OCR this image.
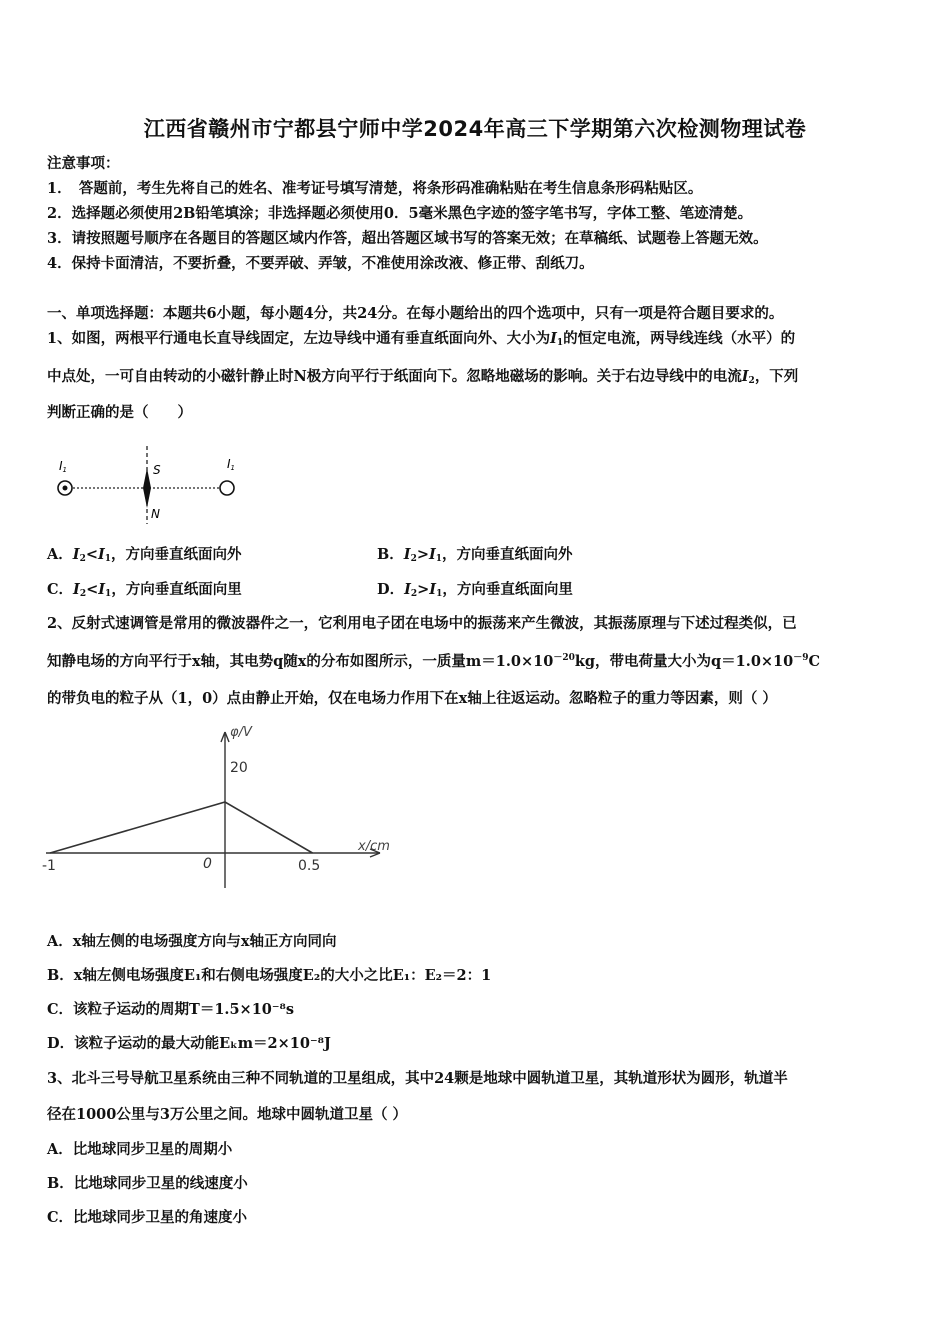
江西省赣州市宁都县宁师中学2024年高三下学期第六次检测物理试卷
注意事项：
1．　答题前，考生先将自己的姓名、准考证号填写清楚，将条形码准确粘贴在考生信息条形码粘贴区。
2．选择题必须使用2B铅笔填涂；非选择题必须使用0．5毫米黑色字迹的签字笔书写，字体工整、笔迹清楚。
3．请按照题号顺序在各题目的答题区域内作答，超出答题区域书写的答案无效；在草稿纸、试题卷上答题无效。
4．保持卡面清洁，不要折叠，不要弄破、弄皱，不准使用涂改液、修正带、刮纸刀。
一、单项选择题：本题共6小题，每小题4分，共24分。在每小题给出的四个选项中，只有一项是符合题目要求的。
1、如图，两根平行通电长直导线固定，左边导线中通有垂直纸面向外、大小为$I_1$的恒定电流，两导线连线（水平）的
中点处，一可自由转动的小磁针静止时N极方向平行于纸面向下。忽略地磁场的影响。关于右边导线中的电流$I_2$，下列
判断正确的是（　　）
I1	I1
S
N
A．$I_2<I_1$，方向垂直纸面向外	B．$I_2>I_1$，方向垂直纸面向外
C．$I_2<I_1$，方向垂直纸面向里	D．$I_2>I_1$，方向垂直纸面向里
2、反射式速调管是常用的微波器件之一，它利用电子团在电场中的振荡来产生微波，其振荡原理与下述过程类似，已
知静电场的方向平行于x轴，其电势q随x的分布如图所示，一质量$m=1.0\times 10^{-20}kg$，带电荷量大小为$q=1.0\times 10^{-9}C$
的带负电的粒子从（1，0）点由静止开始，仅在电场力作用下在x轴上往返运动。忽略粒子的重力等因素，则（ ）
φ/V
x/cm
20
-1	0	0.5
A．x轴左侧的电场强度方向与x轴正方向同向
B．x轴左侧电场强度E₁和右侧电场强度E₂的大小之比E₁：E₂＝2：1
C．该粒子运动的周期T＝1.5×10⁻⁸s
D．该粒子运动的最大动能Eₖm＝2×10⁻⁸J
3、北斗三号导航卫星系统由三种不同轨道的卫星组成，其中24颗是地球中圆轨道卫星，其轨道形状为圆形，轨道半
径在1000公里与3万公里之间。地球中圆轨道卫星（ ）
A．比地球同步卫星的周期小
B．比地球同步卫星的线速度小
C．比地球同步卫星的角速度小
